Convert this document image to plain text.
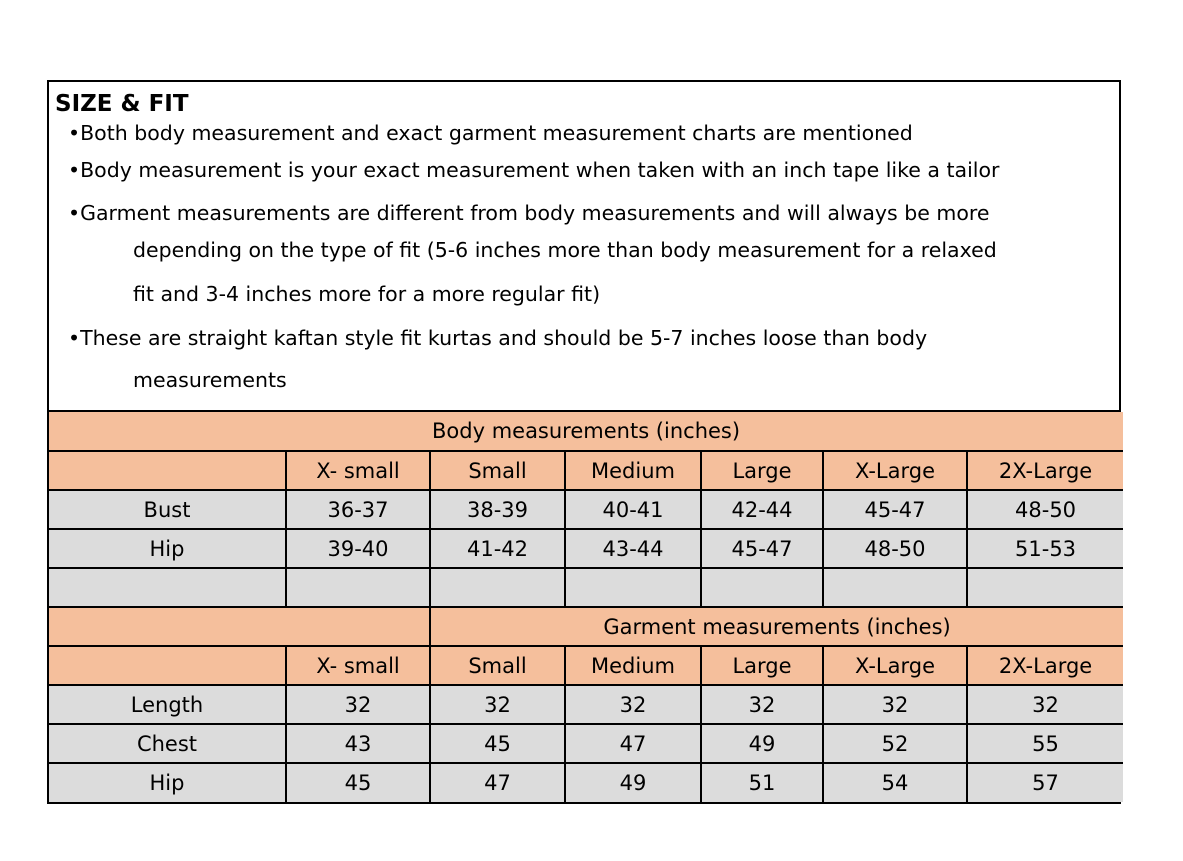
SIZE & FIT
•Both body measurement and exact garment measurement charts are mentioned
•Body measurement is your exact measurement when taken with an inch tape like a tailor
•Garment measurements are different from body measurements and will always be more
depending on the type of fit (5-6 inches more than body measurement for a relaxed
fit and 3-4 inches more for a more regular fit)
•These are straight kaftan style fit kurtas and should be 5-7 inches loose than body
measurements
Body measurements (inches)						
	X- small	Small	Medium	Large	X-Large	2X-Large
Bust	36-37	38-39	40-41	42-44	45-47	48-50
Hip	39-40	41-42	43-44	45-47	48-50	51-53

		Garment measurements (inches)				
	X- small	Small	Medium	Large	X-Large	2X-Large
Length	32	32	32	32	32	32
Chest	43	45	47	49	52	55
Hip	45	47	49	51	54	57
